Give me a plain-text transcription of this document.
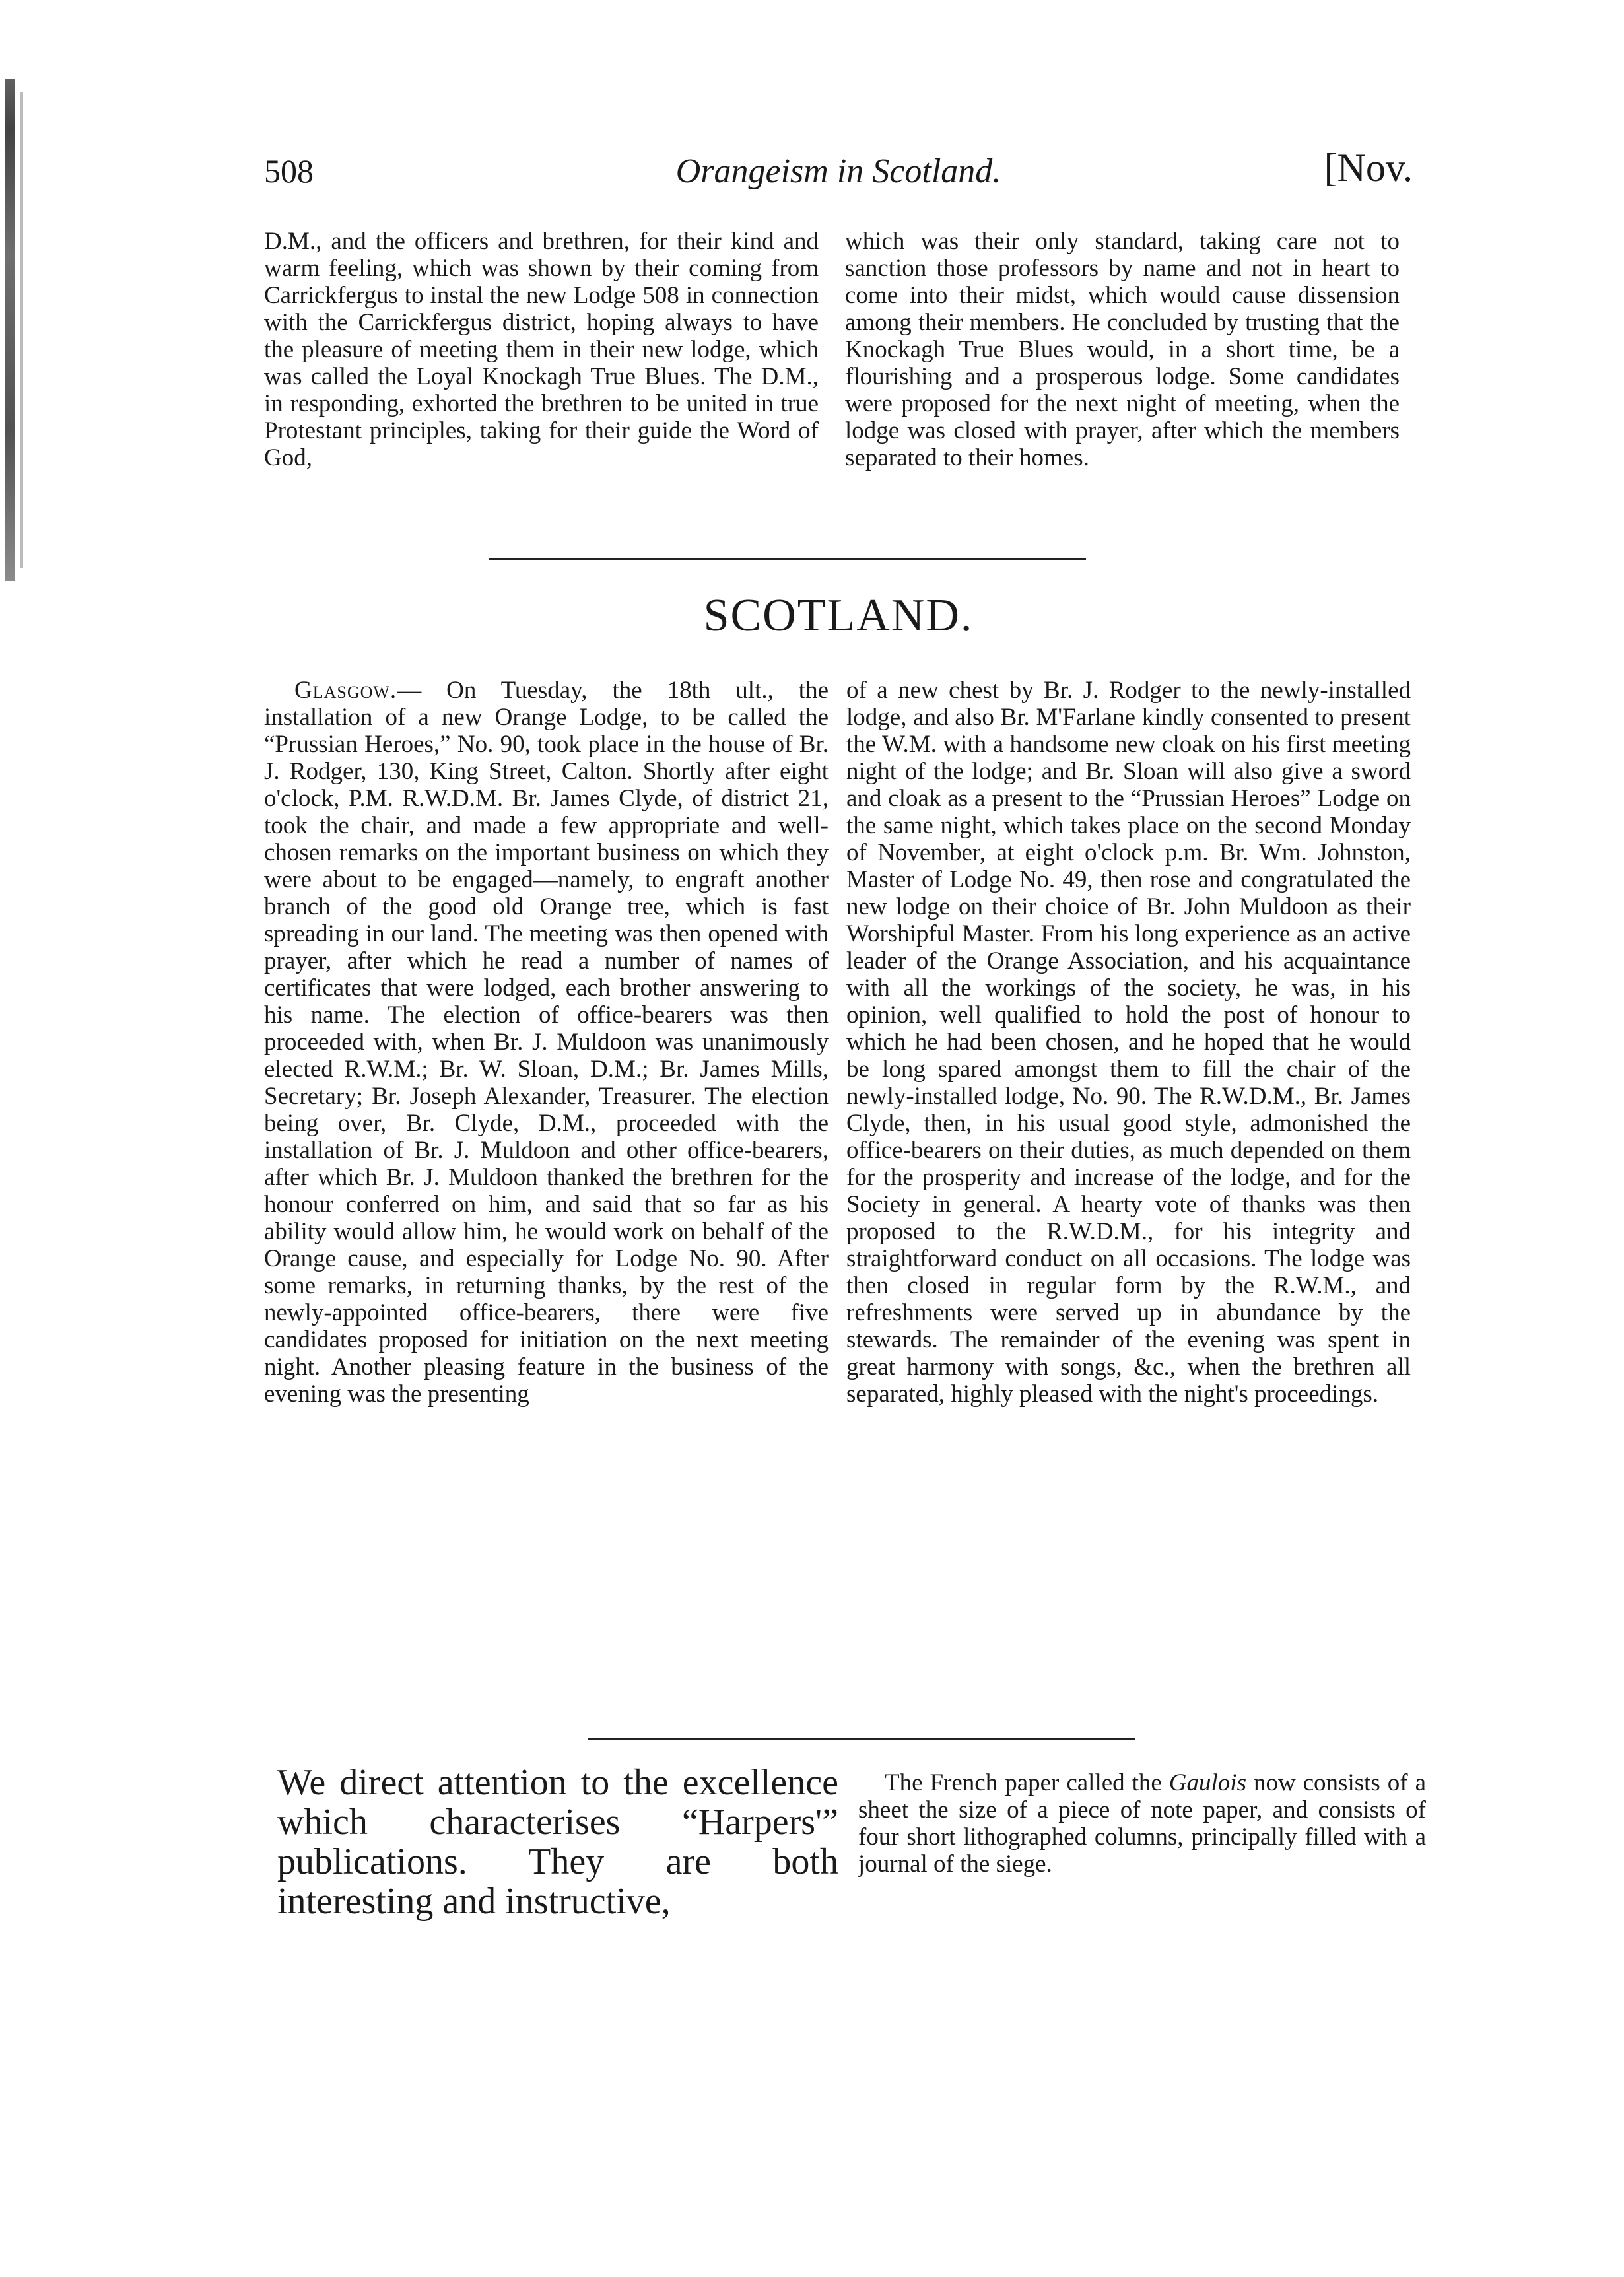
508	Orangeism in Scotland.	[Nov.

D.M., and the officers and brethren, for their kind and warm feeling, which was shown by their coming from Carrickfergus to instal the new Lodge 508 in connection with the Carrickfergus district, hoping always to have the pleasure of meeting them in their new lodge, which was called the Loyal Knockagh True Blues. The D.M., in responding, exhorted the brethren to be united in true Protestant principles, taking for their guide the Word of God,

which was their only standard, taking care not to sanction those professors by name and not in heart to come into their midst, which would cause dissension among their members. He concluded by trusting that the Knockagh True Blues would, in a short time, be a flourishing and a prosperous lodge. Some candidates were proposed for the next night of meeting, when the lodge was closed with prayer, after which the members separated to their homes.

SCOTLAND.

Glasgow.— On Tuesday, the 18th ult., the installation of a new Orange Lodge, to be called the “Prussian Heroes,” No. 90, took place in the house of Br. J. Rodger, 130, King Street, Calton. Shortly after eight o'clock, P.M. R.W.D.M. Br. James Clyde, of district 21, took the chair, and made a few appropriate and well-chosen remarks on the important business on which they were about to be engaged—namely, to engraft another branch of the good old Orange tree, which is fast spreading in our land. The meeting was then opened with prayer, after which he read a number of names of certificates that were lodged, each brother answering to his name. The election of office-bearers was then proceeded with, when Br. J. Muldoon was unanimously elected R.W.M.; Br. W. Sloan, D.M.; Br. James Mills, Secretary; Br. Joseph Alexander, Treasurer. The election being over, Br. Clyde, D.M., proceeded with the installation of Br. J. Muldoon and other office-bearers, after which Br. J. Muldoon thanked the brethren for the honour conferred on him, and said that so far as his ability would allow him, he would work on behalf of the Orange cause, and especially for Lodge No. 90. After some remarks, in returning thanks, by the rest of the newly-appointed office-bearers, there were five candidates proposed for initiation on the next meeting night. Another pleasing feature in the business of the evening was the presenting

of a new chest by Br. J. Rodger to the newly-installed lodge, and also Br. M'Farlane kindly consented to present the W.M. with a handsome new cloak on his first meeting night of the lodge; and Br. Sloan will also give a sword and cloak as a present to the “Prussian Heroes” Lodge on the same night, which takes place on the second Monday of November, at eight o'clock p.m. Br. Wm. Johnston, Master of Lodge No. 49, then rose and congratulated the new lodge on their choice of Br. John Muldoon as their Worshipful Master. From his long experience as an active leader of the Orange Association, and his acquaintance with all the workings of the society, he was, in his opinion, well qualified to hold the post of honour to which he had been chosen, and he hoped that he would be long spared amongst them to fill the chair of the newly-installed lodge, No. 90. The R.W.D.M., Br. James Clyde, then, in his usual good style, admonished the office-bearers on their duties, as much depended on them for the prosperity and increase of the lodge, and for the Society in general. A hearty vote of thanks was then proposed to the R.W.D.M., for his integrity and straightforward conduct on all occasions. The lodge was then closed in regular form by the R.W.M., and refreshments were served up in abundance by the stewards. The remainder of the evening was spent in great harmony with songs, &c., when the brethren all separated, highly pleased with the night's proceedings.

We direct attention to the excellence which characterises “Harpers'” publications. They are both interesting and instructive,

The French paper called the Gaulois now consists of a sheet the size of a piece of note paper, and consists of four short lithographed columns, principally filled with a journal of the siege.
